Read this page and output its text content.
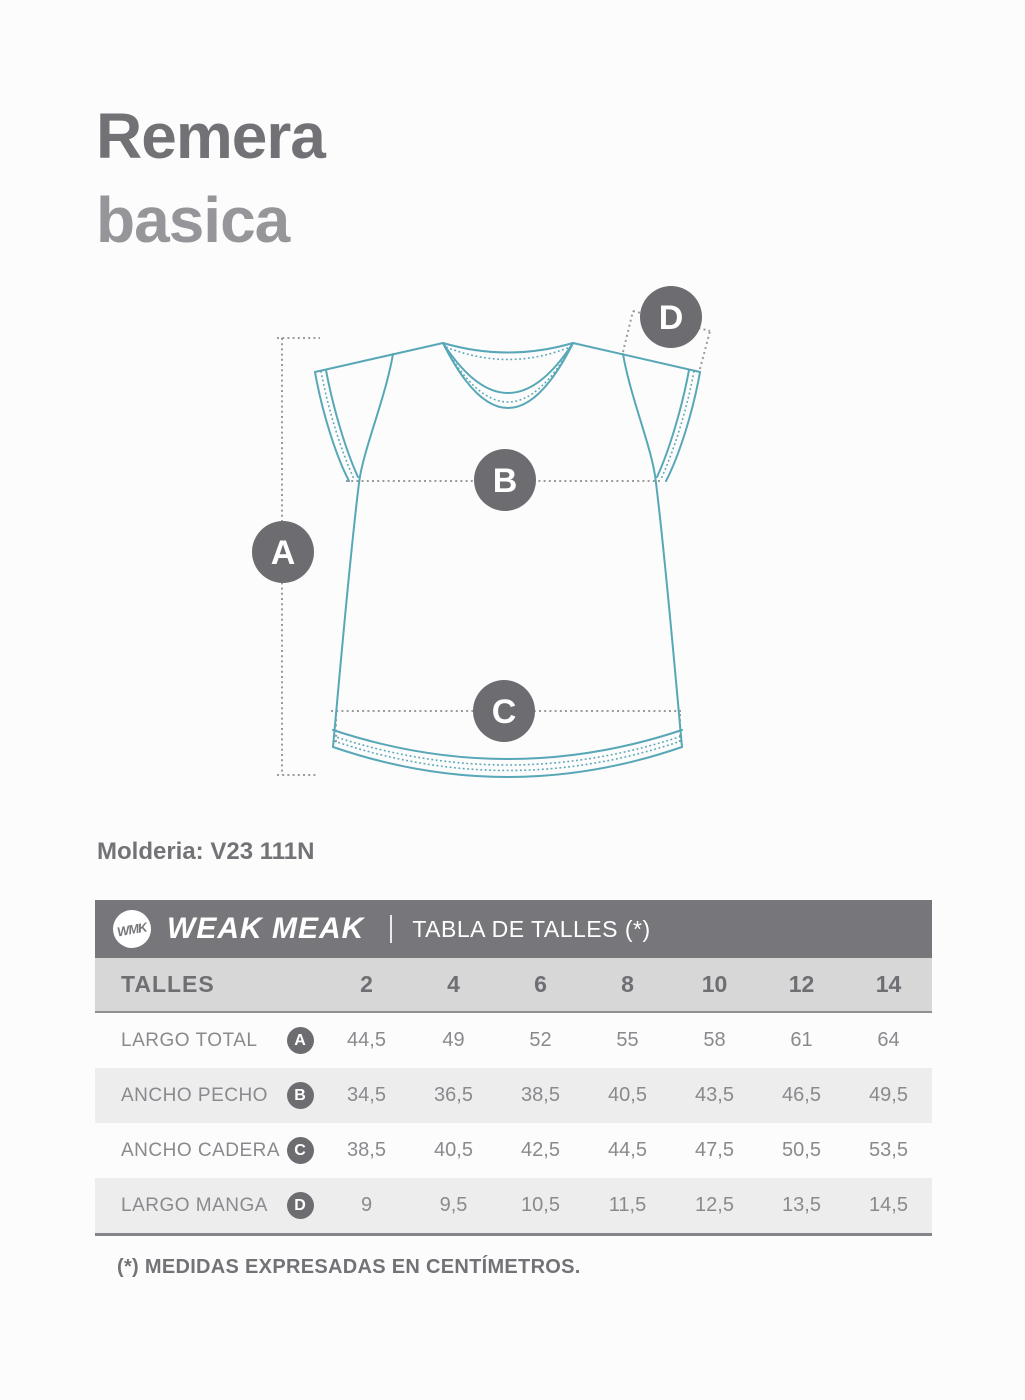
Remera
basica
A
B
C
D
Molderia: V23 111N
WMK WEAK MEAK TABLA DE TALLES (*)
TALLES	2	4	6	8	10	12	14
LARGO TOTAL	A	44,5	49	52	55	58	61	64
ANCHO PECHO	B	34,5	36,5	38,5	40,5	43,5	46,5	49,5
ANCHO CADERA C	38,5	40,5	42,5	44,5	47,5	50,5	53,5
LARGO MANGA	D	9	9,5	10,5	11,5	12,5	13,5	14,5
(*) MEDIDAS EXPRESADAS EN CENTÍMETROS.
